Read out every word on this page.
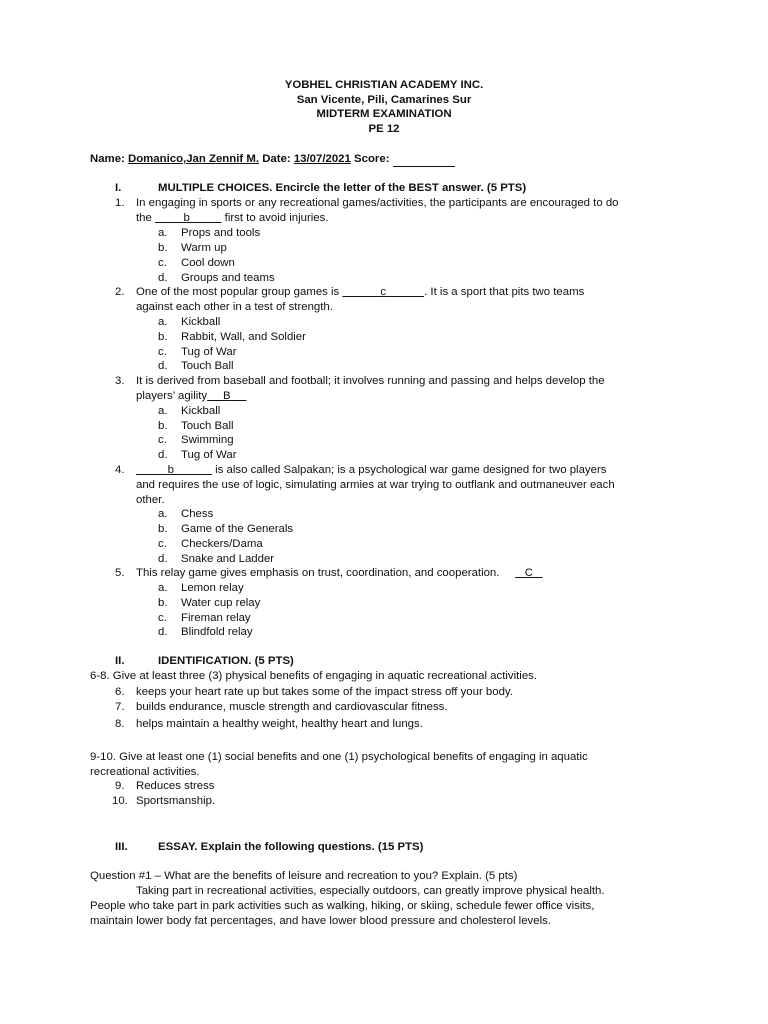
YOBHEL CHRISTIAN ACADEMY INC.
San Vicente, Pili, Camarines Sur
MIDTERM EXAMINATION
PE 12
Name: Domanico,Jan Zennif M. Date: 13/07/2021 Score:
I.	MULTIPLE CHOICES. Encircle the letter of the BEST answer. (5 PTS)
1. In engaging in sports or any recreational games/activities, the participants are encouraged to do
the	b	first to avoid injuries.
a. Props and tools
b. Warm up
c. Cool down
d. Groups and teams
2. One of the most popular group games is	c	. It is a sport that pits two teams
against each other in a test of strength.
a. Kickball
b. Rabbit, Wall, and Soldier
c. Tug of War
d. Touch Ball
3. It is derived from baseball and football; it involves running and passing and helps develop the
players’ agility B
a. Kickball
b. Touch Ball
c. Swimming
d. Tug of War
4.	b	is also called Salpakan; is a psychological war game designed for two players
and requires the use of logic, simulating armies at war trying to outflank and outmaneuver each
other.
a. Chess
b. Game of the Generals
c. Checkers/Dama
d. Snake and Ladder
5. This relay game gives emphasis on trust, coordination, and cooperation. C
a. Lemon relay
b. Water cup relay
c. Fireman relay
d. Blindfold relay
II.	IDENTIFICATION. (5 PTS)
6-8. Give at least three (3) physical benefits of engaging in aquatic recreational activities.
6. keeps your heart rate up but takes some of the impact stress off your body.
7. builds endurance, muscle strength and cardiovascular fitness.
8. helps maintain a healthy weight, healthy heart and lungs.
9-10. Give at least one (1) social benefits and one (1) psychological benefits of engaging in aquatic
recreational activities.
9. Reduces stress
10. Sportsmanship.
III.	ESSAY. Explain the following questions. (15 PTS)
Question #1 – What are the benefits of leisure and recreation to you? Explain. (5 pts)
Taking part in recreational activities, especially outdoors, can greatly improve physical health.
People who take part in park activities such as walking, hiking, or skiing, schedule fewer office visits,
maintain lower body fat percentages, and have lower blood pressure and cholesterol levels.
